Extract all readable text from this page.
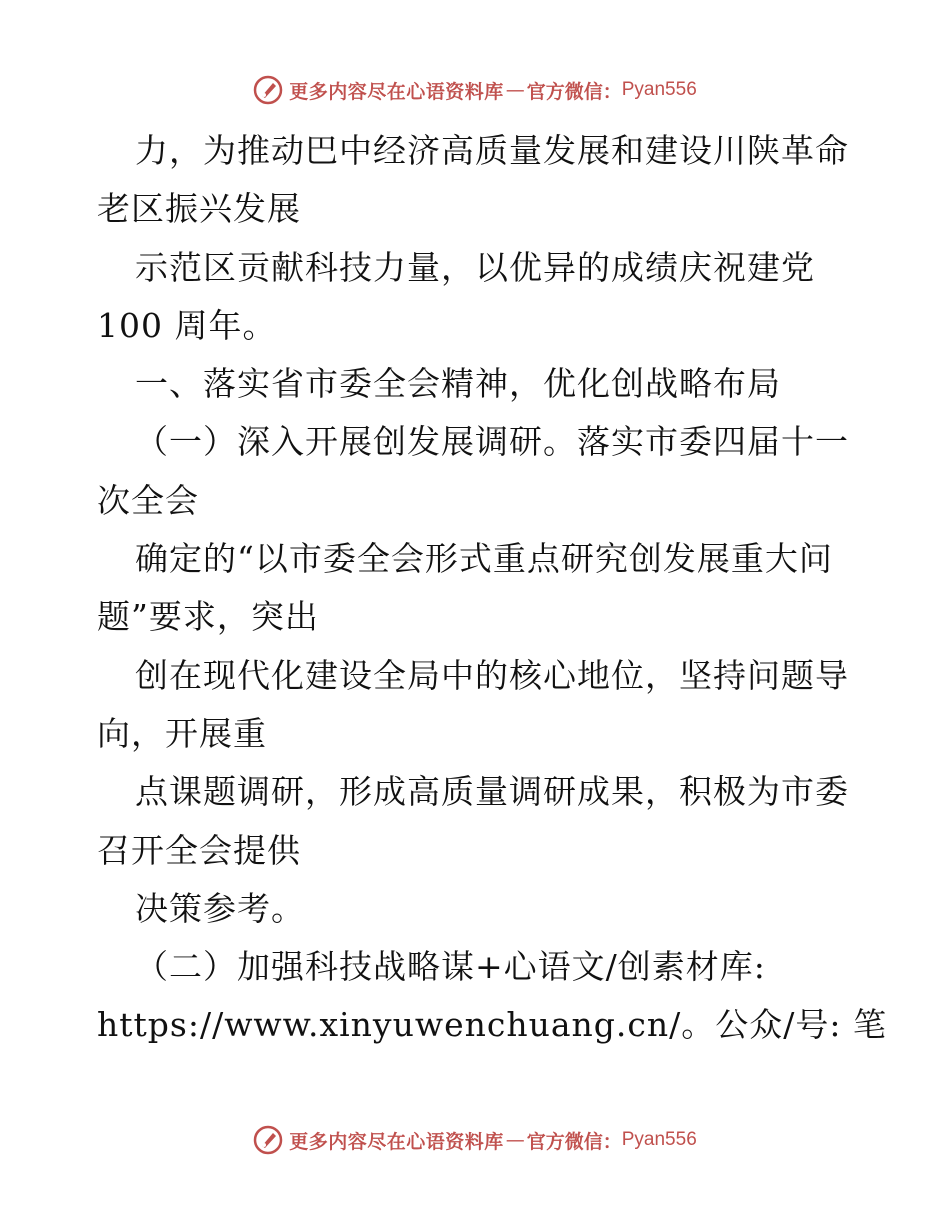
更多内容尽在心语资料库 — 官方微信： Pyan556
力，为推动巴中经济高质量发展和建设川陕革命
老区振兴发展
示范区贡献科技力量，以优异的成绩庆祝建党
100 周年。
一、落实省市委全会精神，优化创战略布局
（一）深入开展创发展调研。落实市委四届十一
次全会
确定的“以市委全会形式重点研究创发展重大问
题”要求，突出
创在现代化建设全局中的核心地位，坚持问题导
向，开展重
点课题调研，形成高质量调研成果，积极为市委
召开全会提供
决策参考。
（二）加强科技战略谋+心语文/创素材库:
https://www.xinyuwenchuang.cn/。公众/号: 笔
更多内容尽在心语资料库 — 官方微信： Pyan556
